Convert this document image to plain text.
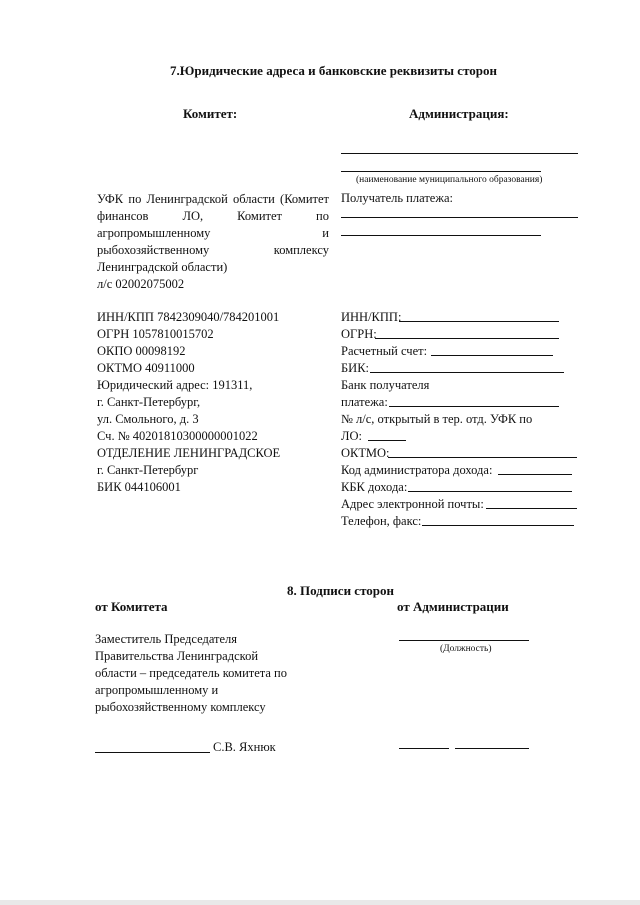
7.Юридические адреса и банковские реквизиты сторон
Комитет:	Администрация:
(наименование муниципального образования)
УФК по Ленинградской области (Комитет
финансов ЛО, Комитет по
агропромышленному и
рыбохозяйственному комплексу
Ленинградской области)
л/с 02002075002
Получатель платежа:
ИНН/КПП 7842309040/784201001
ОГРН 1057810015702
ОКПО 00098192
ОКТМО 40911000
Юридический адрес: 191311,
г. Санкт-Петербург,
ул. Смольного, д. 3
Сч. № 40201810300000001022
ОТДЕЛЕНИЕ ЛЕНИНГРАДСКОЕ
г. Санкт-Петербург
БИК 044106001
ИНН/КПП:
ОГРН:
Расчетный счет:
БИК:
Банк получателя
платежа:
№ л/с, открытый в тер. отд. УФК по
ЛО:
ОКТМО:
Код администратора дохода:
КБК дохода:
Адрес электронной почты:
Телефон, факс:
8. Подписи сторон
от Комитета	от Администрации
Заместитель Председателя
Правительства Ленинградской
области – председатель комитета по
агропромышленному и
рыбохозяйственному комплексу
(Должность)
С.В. Яхнюк
